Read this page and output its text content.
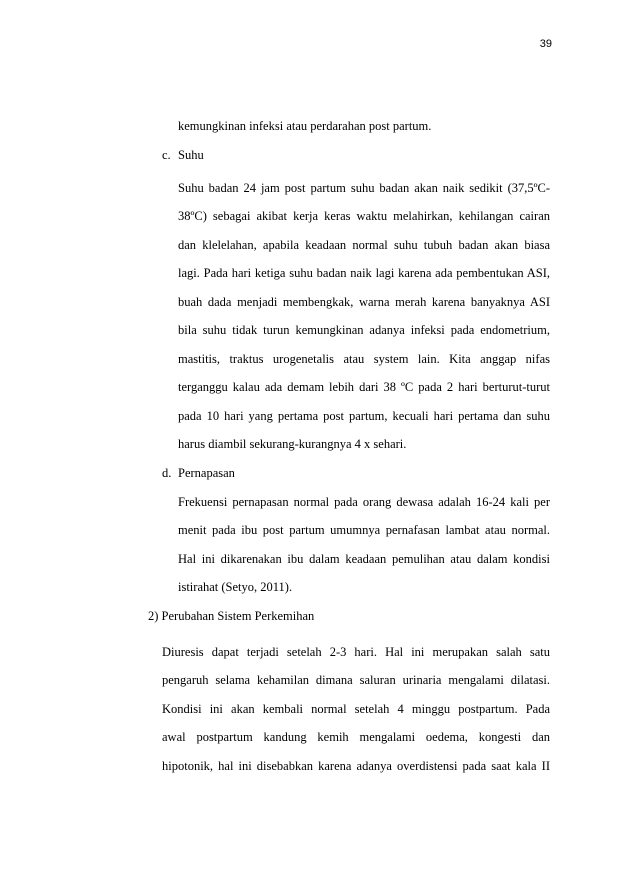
39
kemungkinan infeksi atau perdarahan post partum.
c. Suhu
Suhu badan 24 jam post partum suhu badan akan naik sedikit (37,5ºC-
38ºC) sebagai akibat kerja keras waktu melahirkan, kehilangan cairan
dan klelelahan, apabila keadaan normal suhu tubuh badan akan biasa
lagi. Pada hari ketiga suhu badan naik lagi karena ada pembentukan ASI,
buah dada menjadi membengkak, warna merah karena banyaknya ASI
bila suhu tidak turun kemungkinan adanya infeksi pada endometrium,
mastitis, traktus urogenetalis atau system lain. Kita anggap nifas
terganggu kalau ada demam lebih dari 38 ºC pada 2 hari berturut-turut
pada 10 hari yang pertama post partum, kecuali hari pertama dan suhu
harus diambil sekurang-kurangnya 4 x sehari.
d. Pernapasan
Frekuensi pernapasan normal pada orang dewasa adalah 16-24 kali per
menit pada ibu post partum umumnya pernafasan lambat atau normal.
Hal ini dikarenakan ibu dalam keadaan pemulihan atau dalam kondisi
istirahat (Setyo, 2011).
2) Perubahan Sistem Perkemihan
Diuresis dapat terjadi setelah 2-3 hari. Hal ini merupakan salah satu
pengaruh selama kehamilan dimana saluran urinaria mengalami dilatasi.
Kondisi ini akan kembali normal setelah 4 minggu postpartum. Pada
awal postpartum kandung kemih mengalami oedema, kongesti dan
hipotonik, hal ini disebabkan karena adanya overdistensi pada saat kala II
